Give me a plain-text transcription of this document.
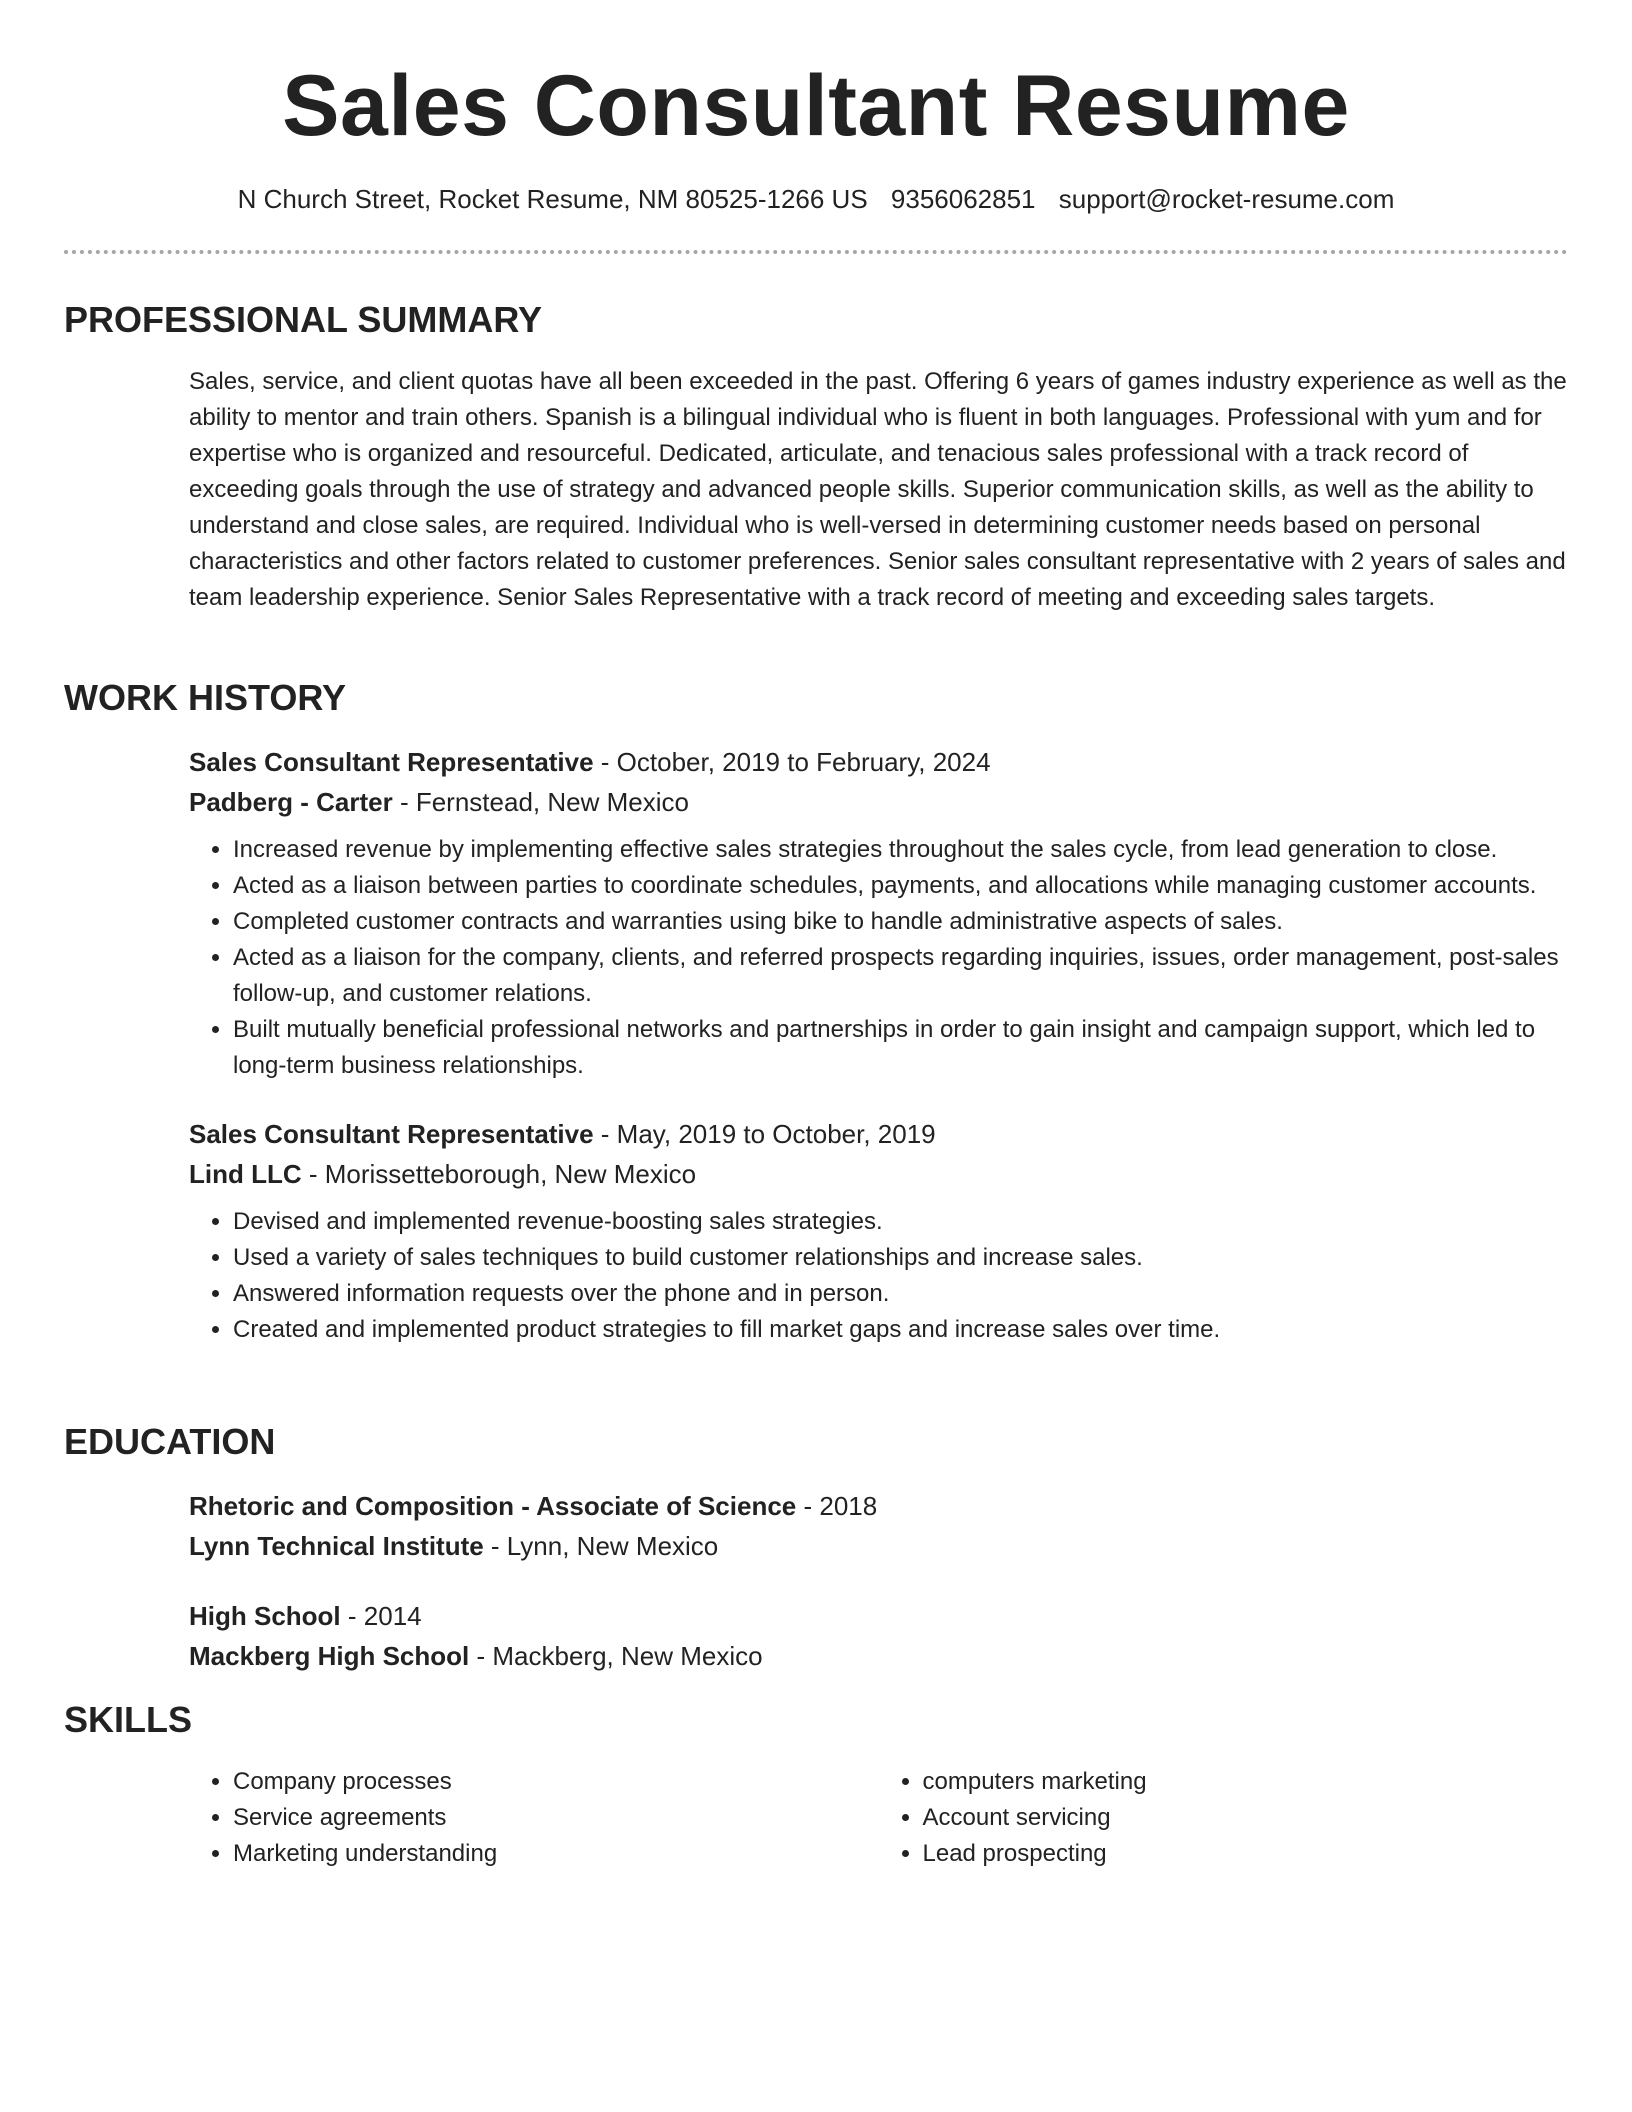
Sales Consultant Resume
N Church Street, Rocket Resume, NM 80525-1266 US 9356062851 support@rocket-resume.com
PROFESSIONAL SUMMARY

Sales, service, and client quotas have all been exceeded in the past. Offering 6 years of games industry experience as well as the ability to mentor and train others. Spanish is a bilingual individual who is fluent in both languages. Professional with yum and for expertise who is organized and resourceful. Dedicated, articulate, and tenacious sales professional with a track record of exceeding goals through the use of strategy and advanced people skills. Superior communication skills, as well as the ability to understand and close sales, are required. Individual who is well-versed in determining customer needs based on personal characteristics and other factors related to customer preferences. Senior sales consultant representative with 2 years of sales and team leadership experience. Senior Sales Representative with a track record of meeting and exceeding sales targets.

WORK HISTORY
Sales Consultant Representative - October, 2019 to February, 2024
Padberg - Carter - Fernstead, New Mexico
• Increased revenue by implementing effective sales strategies throughout the sales cycle, from lead generation to close.
• Acted as a liaison between parties to coordinate schedules, payments, and allocations while managing customer accounts.
• Completed customer contracts and warranties using bike to handle administrative aspects of sales.
• Acted as a liaison for the company, clients, and referred prospects regarding inquiries, issues, order management, post-sales follow-up, and customer relations.
• Built mutually beneficial professional networks and partnerships in order to gain insight and campaign support, which led to long-term business relationships.
Sales Consultant Representative - May, 2019 to October, 2019
Lind LLC - Morissetteborough, New Mexico
• Devised and implemented revenue-boosting sales strategies.
• Used a variety of sales techniques to build customer relationships and increase sales.
• Answered information requests over the phone and in person.
• Created and implemented product strategies to fill market gaps and increase sales over time.
EDUCATION
Rhetoric and Composition - Associate of Science - 2018
Lynn Technical Institute - Lynn, New Mexico
High School - 2014
Mackberg High School - Mackberg, New Mexico
SKILLS
• Company processes
• Service agreements
• Marketing understanding
• computers marketing
• Account servicing
• Lead prospecting
